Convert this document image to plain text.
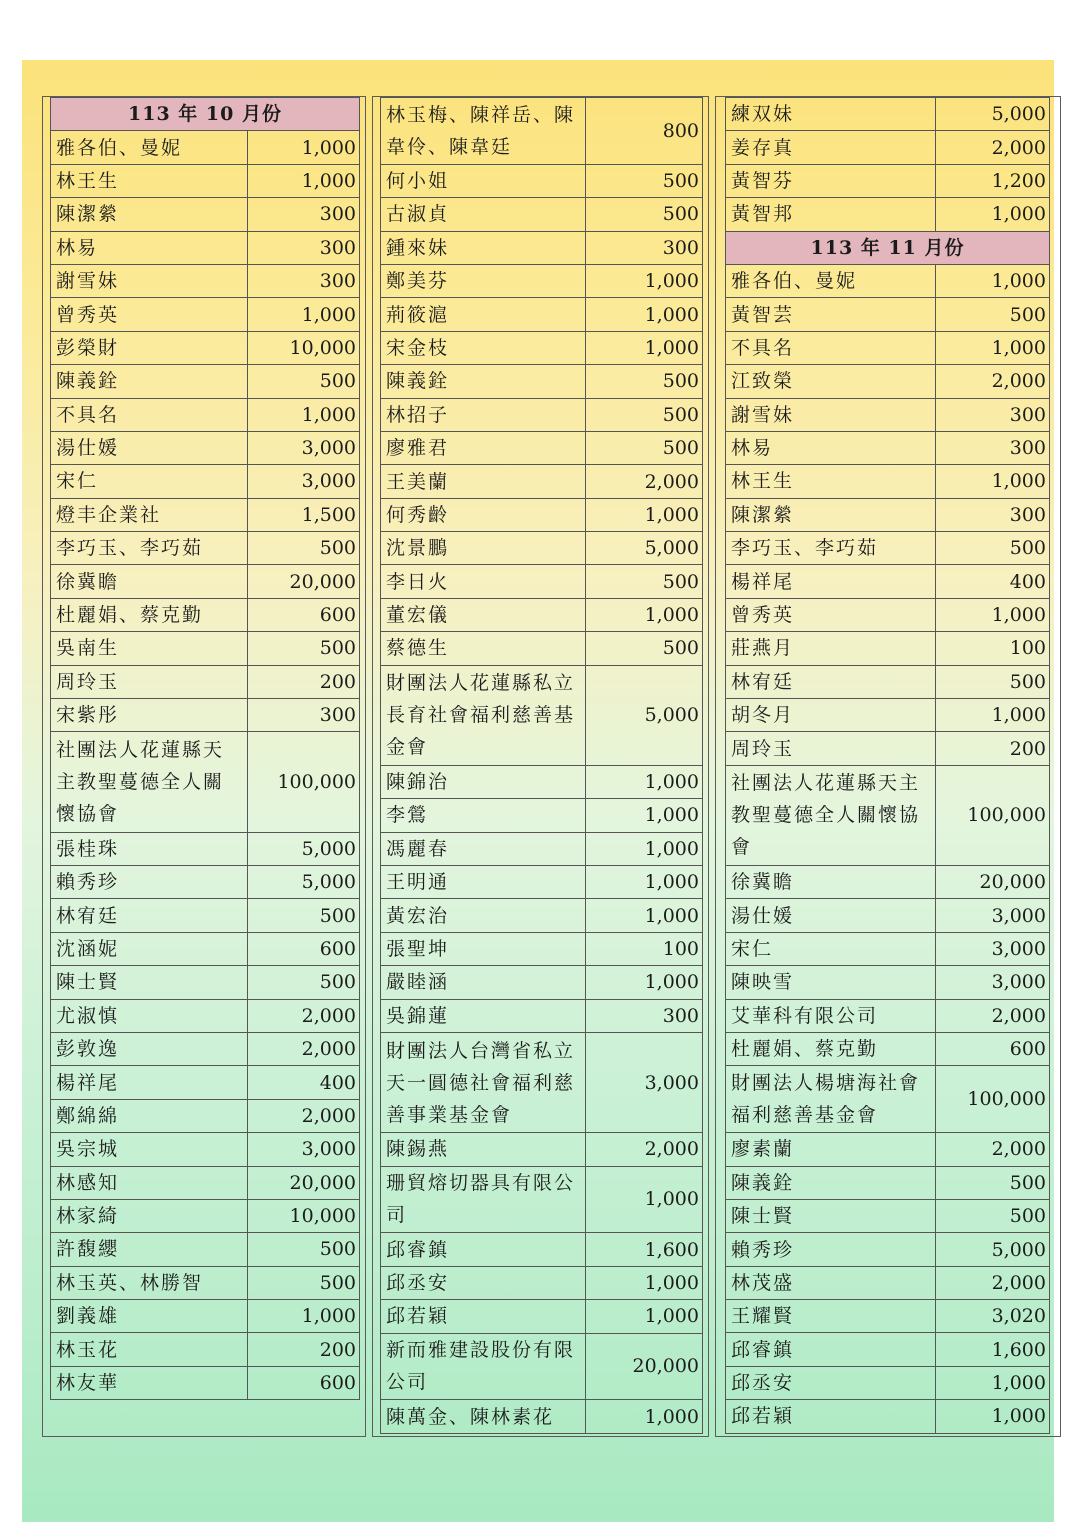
113 年 10 月份	
雅各伯、曼妮	1,000
林王生	1,000
陳潔縈	300
林易	300
謝雪妹	300
曾秀英	1,000
彭榮財	10,000
陳義銓	500
不具名	1,000
湯仕媛	3,000
宋仁	3,000
燈丰企業社	1,500
李巧玉、李巧茹	500
徐冀瞻	20,000
杜麗娟、蔡克勤	600
吳南生	500
周玲玉	200
宋紫彤	300
社團法人花蓮縣天主教聖蔓德全人關懷協會	100,000
張桂珠	5,000
賴秀珍	5,000
林宥廷	500
沈涵妮	600
陳士賢	500
尤淑慎	2,000
彭敦逸	2,000
楊祥尾	400
鄭綿綿	2,000
吳宗城	3,000
林感知	20,000
林家綺	10,000
許馥纓	500
林玉英、林勝智	500
劉義雄	1,000
林玉花	200
林友華	600
林玉梅、陳祥岳、陳韋伶、陳韋廷	800
何小姐	500
古淑貞	500
鍾來妹	300
鄭美芬	1,000
荊筱滬	1,000
宋金枝	1,000
陳義銓	500
林招子	500
廖雅君	500
王美蘭	2,000
何秀齡	1,000
沈景鵬	5,000
李日火	500
董宏儀	1,000
蔡德生	500
財團法人花蓮縣私立長育社會福利慈善基金會	5,000
陳錦治	1,000
李鶯	1,000
馮麗春	1,000
王明通	1,000
黃宏治	1,000
張聖坤	100
嚴睦涵	1,000
吳錦蓮	300
財團法人台灣省私立天一圓德社會福利慈善事業基金會	3,000
陳錫燕	2,000
珊貿熔切器具有限公司	1,000
邱睿鎮	1,600
邱丞安	1,000
邱若穎	1,000
新而雅建設股份有限公司	20,000
陳萬金、陳林素花	1,000
練双妹	5,000
姜存真	2,000
黃智芬	1,200
黃智邦	1,000
113 年 11 月份	
雅各伯、曼妮	1,000
黃智芸	500
不具名	1,000
江致榮	2,000
謝雪妹	300
林易	300
林王生	1,000
陳潔縈	300
李巧玉、李巧茹	500
楊祥尾	400
曾秀英	1,000
莊燕月	100
林宥廷	500
胡冬月	1,000
周玲玉	200
社團法人花蓮縣天主教聖蔓德全人關懷協會	100,000
徐冀瞻	20,000
湯仕媛	3,000
宋仁	3,000
陳映雪	3,000
艾華科有限公司	2,000
杜麗娟、蔡克勤	600
財團法人楊塘海社會福利慈善基金會	100,000
廖素蘭	2,000
陳義銓	500
陳士賢	500
賴秀珍	5,000
林茂盛	2,000
王耀賢	3,020
邱睿鎮	1,600
邱丞安	1,000
邱若穎	1,000
